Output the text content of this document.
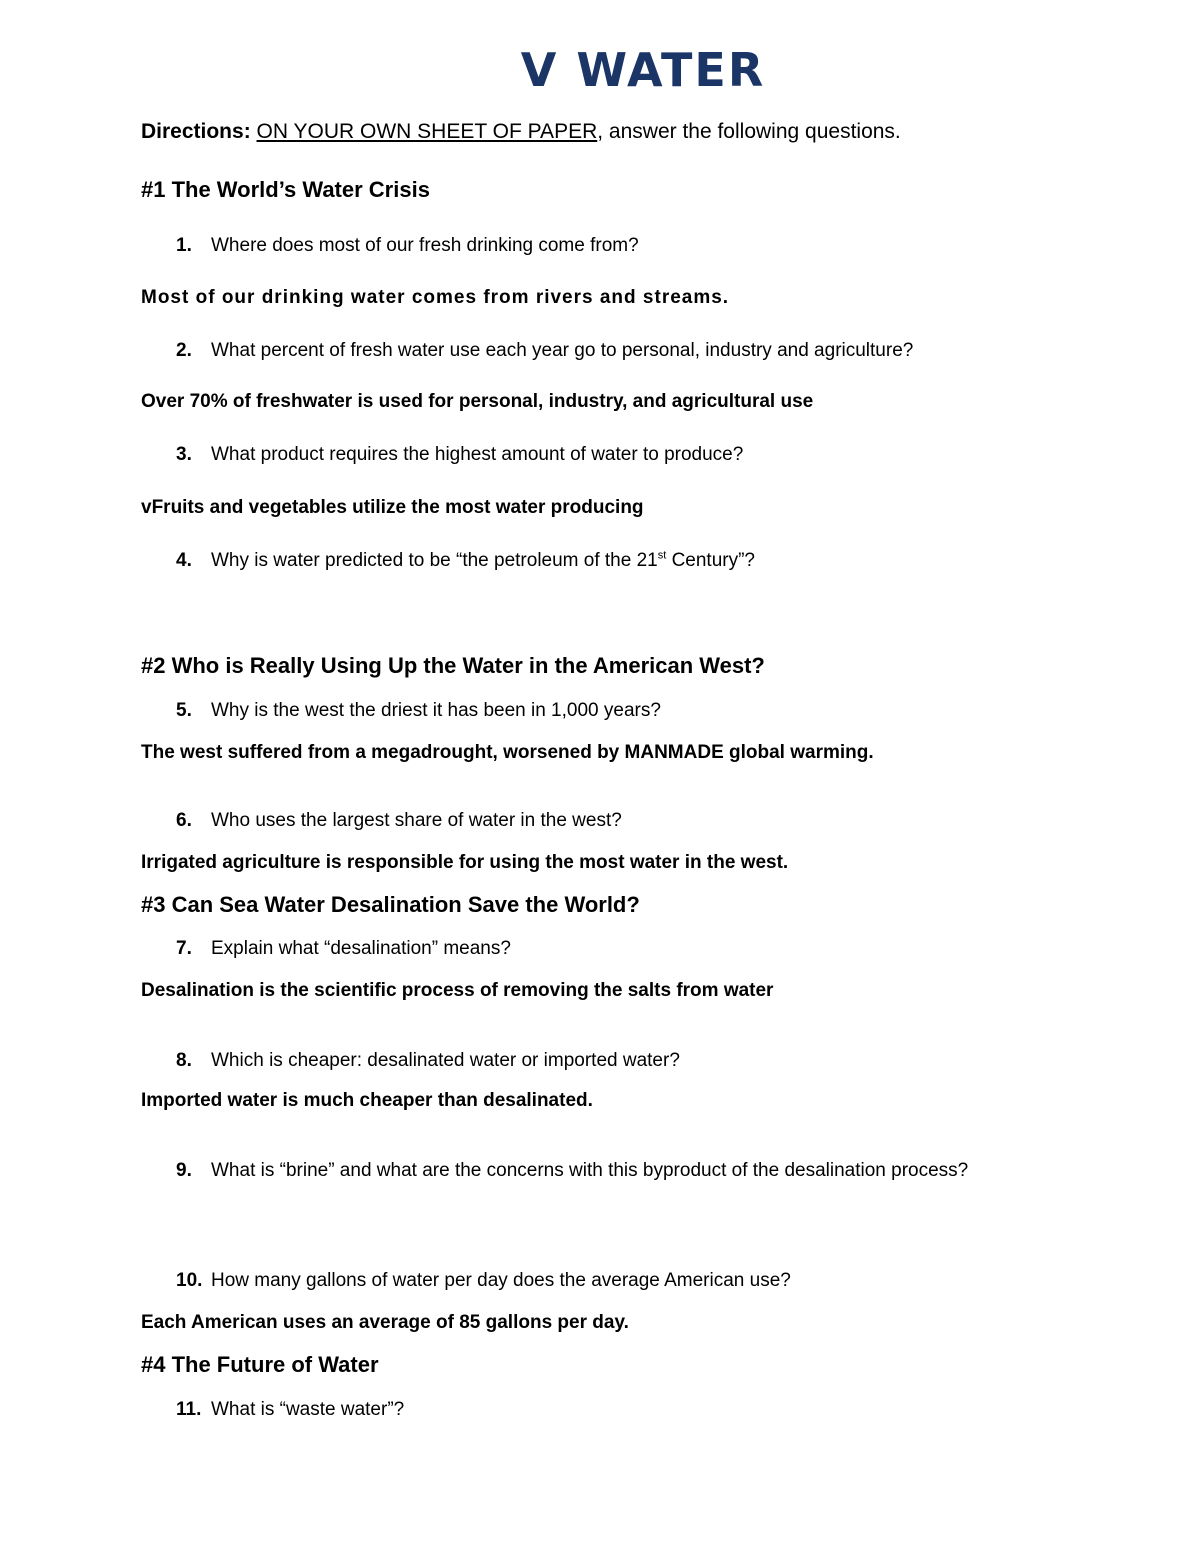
V WATER
Directions: ON YOUR OWN SHEET OF PAPER, answer the following questions.
#1 The World’s Water Crisis
1. Where does most of our fresh drinking come from?
Most of our drinking water comes from rivers and streams.
2. What percent of fresh water use each year go to personal, industry and agriculture?
Over 70% of freshwater is used for personal, industry, and agricultural use
3. What product requires the highest amount of water to produce?
vFruits and vegetables utilize the most water producing
4. Why is water predicted to be “the petroleum of the 21st Century”?
#2 Who is Really Using Up the Water in the American West?
5. Why is the west the driest it has been in 1,000 years?
The west suffered from a megadrought, worsened by MANMADE global warming.
6. Who uses the largest share of water in the west?
Irrigated agriculture is responsible for using the most water in the west.
#3 Can Sea Water Desalination Save the World?
7. Explain what “desalination” means?
Desalination is the scientific process of removing the salts from water
8. Which is cheaper: desalinated water or imported water?
Imported water is much cheaper than desalinated.
9. What is “brine” and what are the concerns with this byproduct of the desalination process?
10. How many gallons of water per day does the average American use?
Each American uses an average of 85 gallons per day.
#4 The Future of Water
11. What is “waste water”?
